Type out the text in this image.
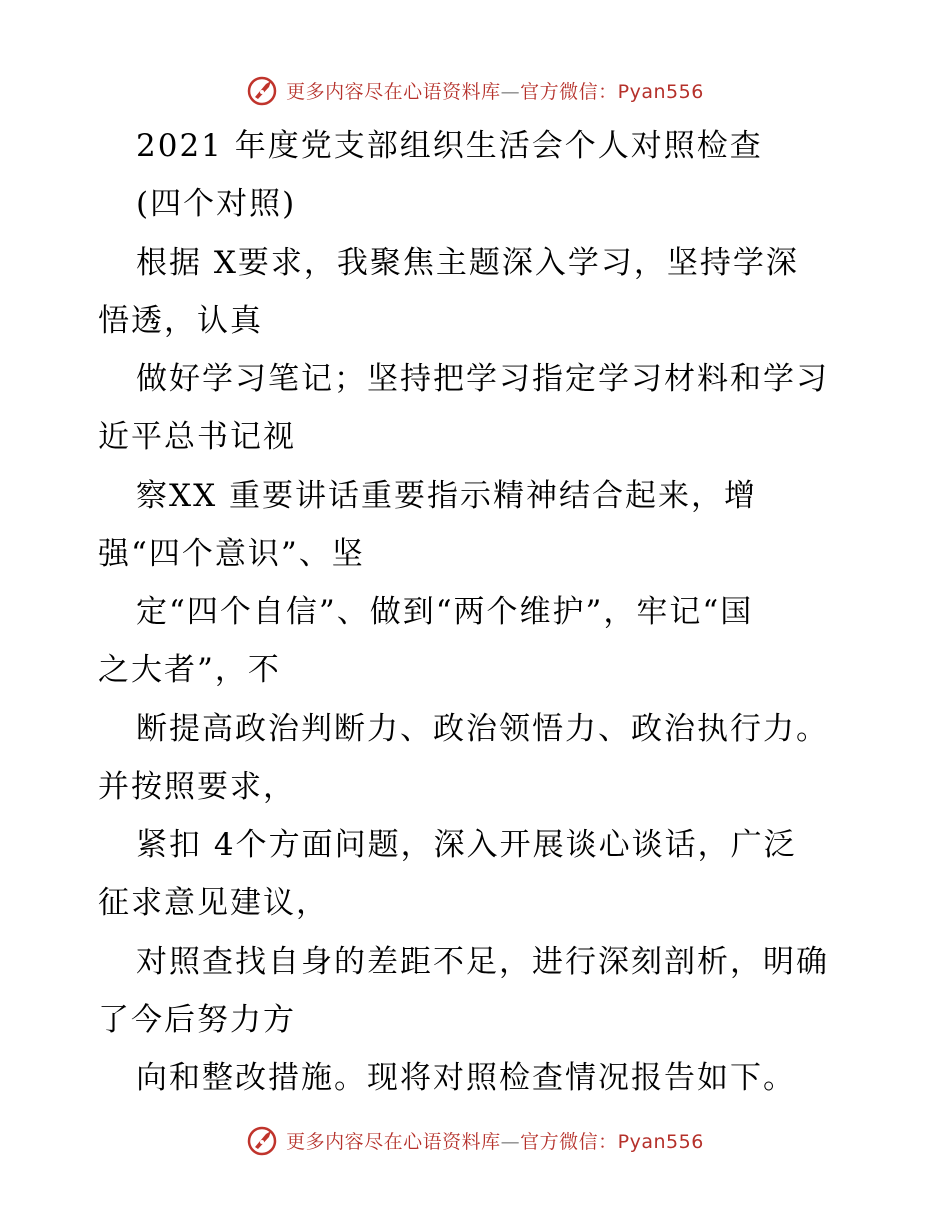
更多内容尽在心语资料库—官方微信：Pyan556
2021 年度党支部组织生活会个人对照检查
(四个对照)
根据 X要求，我聚焦主题深入学习，坚持学深
悟透，认真
做好学习笔记；坚持把学习指定学习材料和学习
近平总书记视
察XX 重要讲话重要指示精神结合起来，增
强“四个意识”、坚
定“四个自信”、做到“两个维护”，牢记“国
之大者”，不
断提高政治判断力、政治领悟力、政治执行力。
并按照要求，
紧扣 4个方面问题，深入开展谈心谈话，广泛
征求意见建议，
对照查找自身的差距不足，进行深刻剖析，明确
了今后努力方
向和整改措施。现将对照检查情况报告如下。
更多内容尽在心语资料库—官方微信：Pyan556
